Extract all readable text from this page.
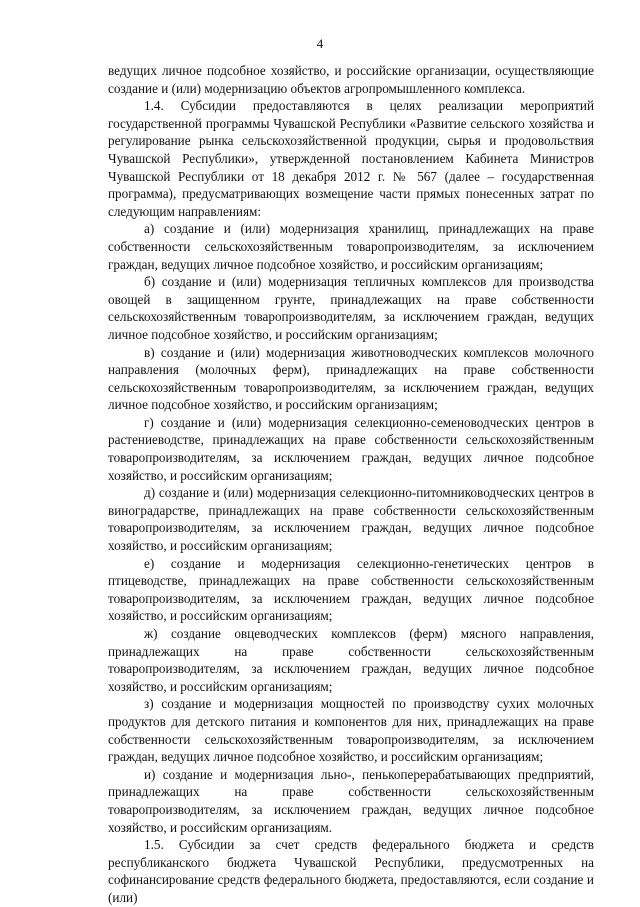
4

ведущих личное подсобное хозяйство, и российские организации, осуществляющие создание и (или) модернизацию объектов агропромышленного комплекса.

1.4. Субсидии предоставляются в целях реализации мероприятий государственной программы Чувашской Республики «Развитие сельского хозяйства и регулирование рынка сельскохозяйственной продукции, сырья и продовольствия Чувашской Республики», утвержденной постановлением Кабинета Министров Чувашской Республики от 18 декабря 2012 г. № 567 (далее – государственная программа), предусматривающих возмещение части прямых понесенных затрат по следующим направлениям:

а) создание и (или) модернизация хранилищ, принадлежащих на праве собственности сельскохозяйственным товаропроизводителям, за исключением граждан, ведущих личное подсобное хозяйство, и российским организациям;

б) создание и (или) модернизация тепличных комплексов для производства овощей в защищенном грунте, принадлежащих на праве собственности сельскохозяйственным товаропроизводителям, за исключением граждан, ведущих личное подсобное хозяйство, и российским организациям;

в) создание и (или) модернизация животноводческих комплексов молочного направления (молочных ферм), принадлежащих на праве собственности сельскохозяйственным товаропроизводителям, за исключением граждан, ведущих личное подсобное хозяйство, и российским организациям;

г) создание и (или) модернизация селекционно-семеноводческих центров в растениеводстве, принадлежащих на праве собственности сельскохозяйственным товаропроизводителям, за исключением граждан, ведущих личное подсобное хозяйство, и российским организациям;

д) создание и (или) модернизация селекционно-питомниководческих центров в виноградарстве, принадлежащих на праве собственности сельскохозяйственным товаропроизводителям, за исключением граждан, ведущих личное подсобное хозяйство, и российским организациям;

е) создание и модернизация селекционно-генетических центров в птицеводстве, принадлежащих на праве собственности сельскохозяйственным товаропроизводителям, за исключением граждан, ведущих личное подсобное хозяйство, и российским организациям;

ж) создание овцеводческих комплексов (ферм) мясного направления, принадлежащих на праве собственности сельскохозяйственным товаропроизводителям, за исключением граждан, ведущих личное подсобное хозяйство, и российским организациям;

з) создание и модернизация мощностей по производству сухих молочных продуктов для детского питания и компонентов для них, принадлежащих на праве собственности сельскохозяйственным товаропроизводителям, за исключением граждан, ведущих личное подсобное хозяйство, и российским организациям;

и) создание и модернизация льно-, пенькоперерабатывающих предприятий, принадлежащих на праве собственности сельскохозяйственным товаропроизводителям, за исключением граждан, ведущих личное подсобное хозяйство, и российским организациям.

1.5. Субсидии за счет средств федерального бюджета и средств республиканского бюджета Чувашской Республики, предусмотренных на софинансирование средств федерального бюджета, предоставляются, если создание и (или)
